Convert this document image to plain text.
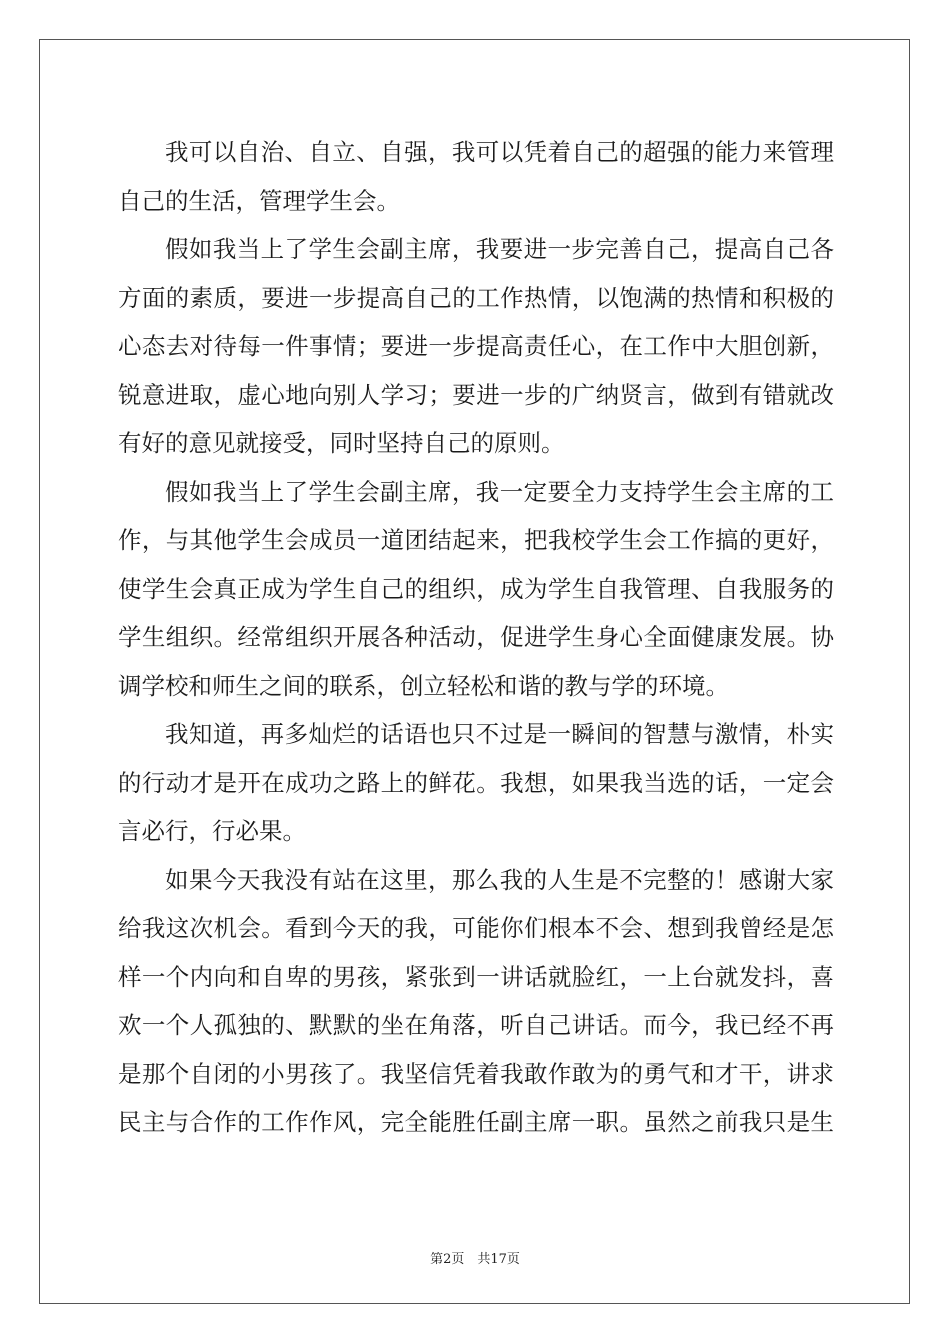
我可以自治、自立、自强，我可以凭着自己的超强的能力来管理
自己的生活，管理学生会。
假如我当上了学生会副主席，我要进一步完善自己，提高自己各
方面的素质，要进一步提高自己的工作热情，以饱满的热情和积极的
心态去对待每一件事情；要进一步提高责任心，在工作中大胆创新，
锐意进取，虚心地向别人学习；要进一步的广纳贤言，做到有错就改
有好的意见就接受，同时坚持自己的原则。
假如我当上了学生会副主席，我一定要全力支持学生会主席的工
作，与其他学生会成员一道团结起来，把我校学生会工作搞的更好，
使学生会真正成为学生自己的组织，成为学生自我管理、自我服务的
学生组织。经常组织开展各种活动，促进学生身心全面健康发展。协
调学校和师生之间的联系，创立轻松和谐的教与学的环境。
我知道，再多灿烂的话语也只不过是一瞬间的智慧与激情，朴实
的行动才是开在成功之路上的鲜花。我想，如果我当选的话，一定会
言必行，行必果。
如果今天我没有站在这里，那么我的人生是不完整的！感谢大家
给我这次机会。看到今天的我，可能你们根本不会、想到我曾经是怎
样一个内向和自卑的男孩，紧张到一讲话就脸红，一上台就发抖，喜
欢一个人孤独的、默默的坐在角落，听自己讲话。而今，我已经不再
是那个自闭的小男孩了。我坚信凭着我敢作敢为的勇气和才干，讲求
民主与合作的工作作风，完全能胜任副主席一职。虽然之前我只是生
第2页　共17页
